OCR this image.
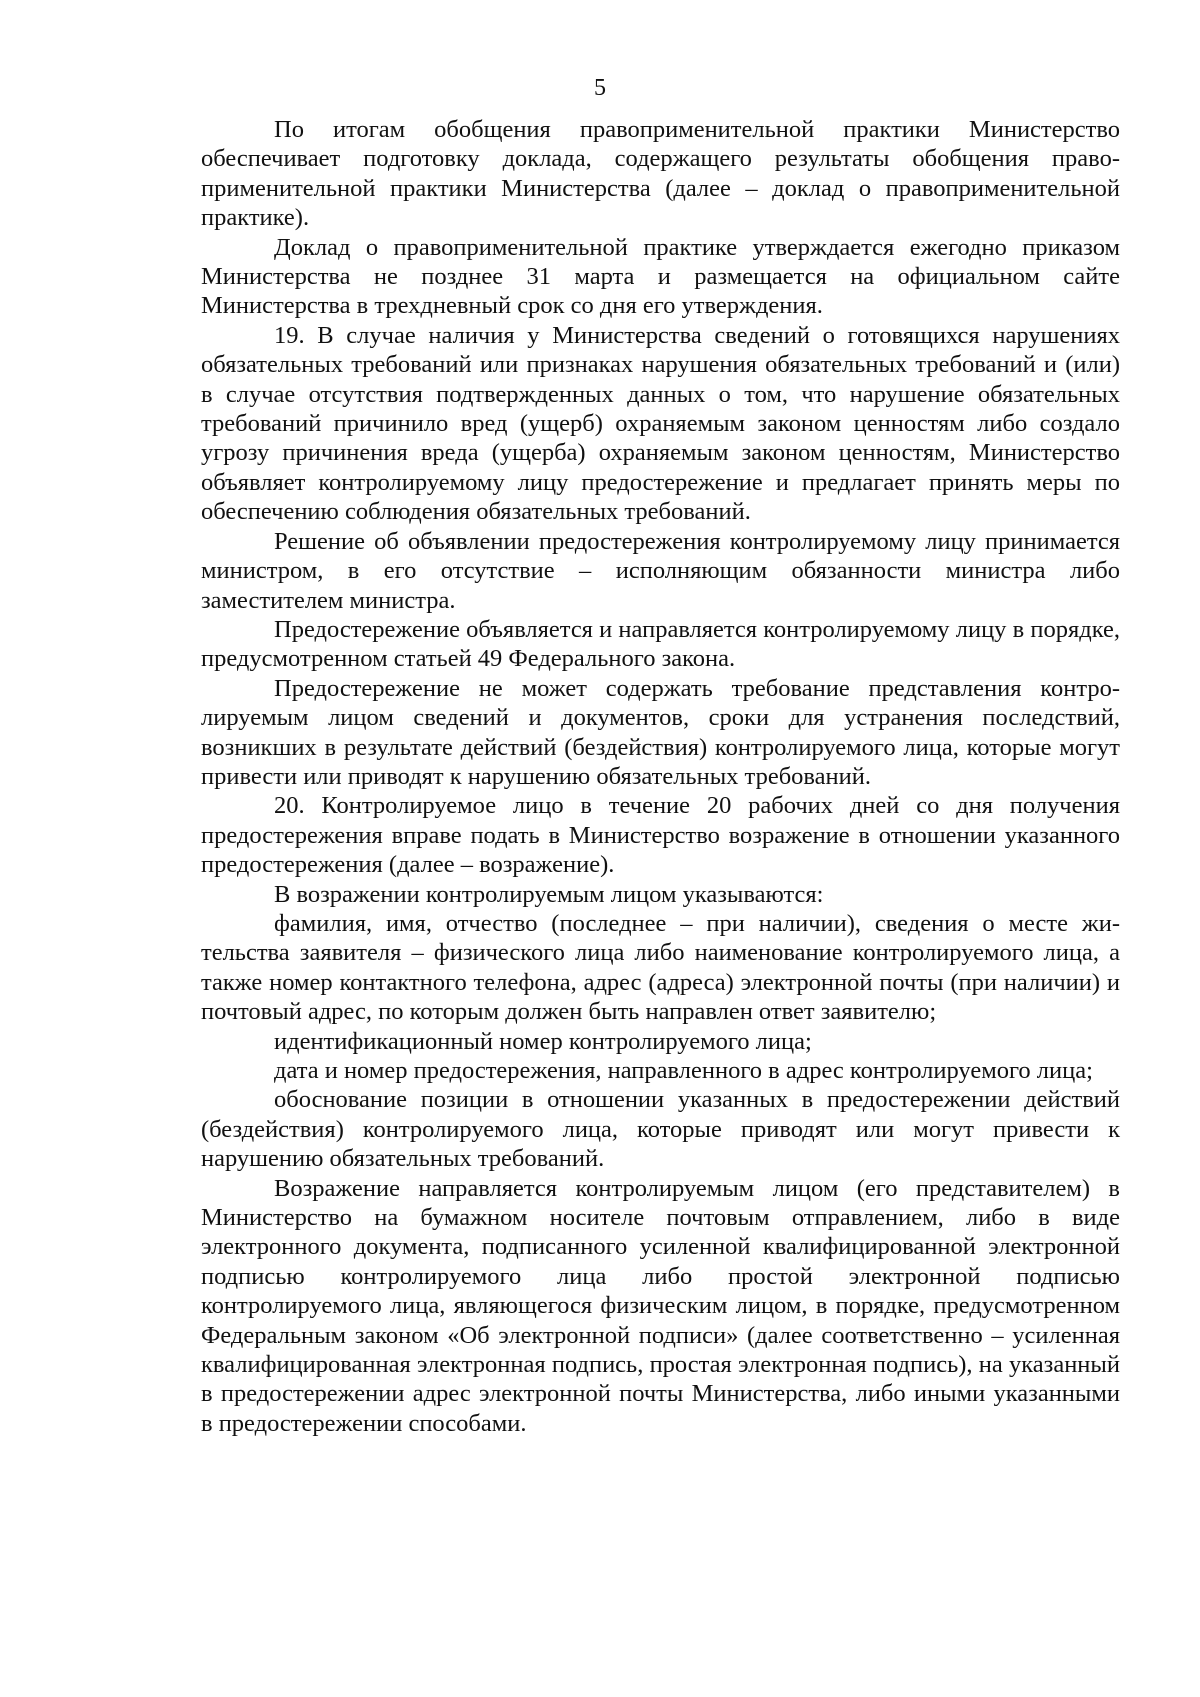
5

По итогам обобщения правоприменительной практики Министерство обеспечивает подготовку доклада, содержащего результаты обобщения правоприменительной практики Министерства (далее – доклад о правоприменительной практике).

Доклад о правоприменительной практике утверждается ежегодно приказом Министерства не позднее 31 марта и размещается на официальном сайте Министерства в трехдневный срок со дня его утверждения.

19. В случае наличия у Министерства сведений о готовящихся нарушениях обязательных требований или признаках нарушения обязательных требований и (или) в случае отсутствия подтвержденных данных о том, что нарушение обязательных требований причинило вред (ущерб) охраняемым законом ценностям либо создало угрозу причинения вреда (ущерба) охраняемым законом ценностям, Министерство объявляет контролируемому лицу предостережение и предлагает принять меры по обеспечению соблюдения обязательных требований.

Решение об объявлении предостережения контролируемому лицу принимается министром, в его отсутствие – исполняющим обязанности министра либо заместителем министра.

Предостережение объявляется и направляется контролируемому лицу в порядке, предусмотренном статьей 49 Федерального закона.

Предостережение не может содержать требование представления контролируемым лицом сведений и документов, сроки для устранения последствий, возникших в результате действий (бездействия) контролируемого лица, которые могут привести или приводят к нарушению обязательных требований.

20. Контролируемое лицо в течение 20 рабочих дней со дня получения предостережения вправе подать в Министерство возражение в отношении указанного предостережения (далее – возражение).

В возражении контролируемым лицом указываются:

фамилия, имя, отчество (последнее – при наличии), сведения о месте жительства заявителя – физического лица либо наименование контролируемого лица, а также номер контактного телефона, адрес (адреса) электронной почты (при наличии) и почтовый адрес, по которым должен быть направлен ответ заявителю;

идентификационный номер контролируемого лица;

дата и номер предостережения, направленного в адрес контролируемого лица;

обоснование позиции в отношении указанных в предостережении действий (бездействия) контролируемого лица, которые приводят или могут привести к нарушению обязательных требований.

Возражение направляется контролируемым лицом (его представителем) в Министерство на бумажном носителе почтовым отправлением, либо в виде электронного документа, подписанного усиленной квалифицированной электронной подписью контролируемого лица либо простой электронной подписью контролируемого лица, являющегося физическим лицом, в порядке, предусмотренном Федеральным законом «Об электронной подписи» (далее соответственно – усиленная квалифицированная электронная подпись, простая электронная подпись), на указанный в предостережении адрес электронной почты Министерства, либо иными указанными в предостережении способами.
